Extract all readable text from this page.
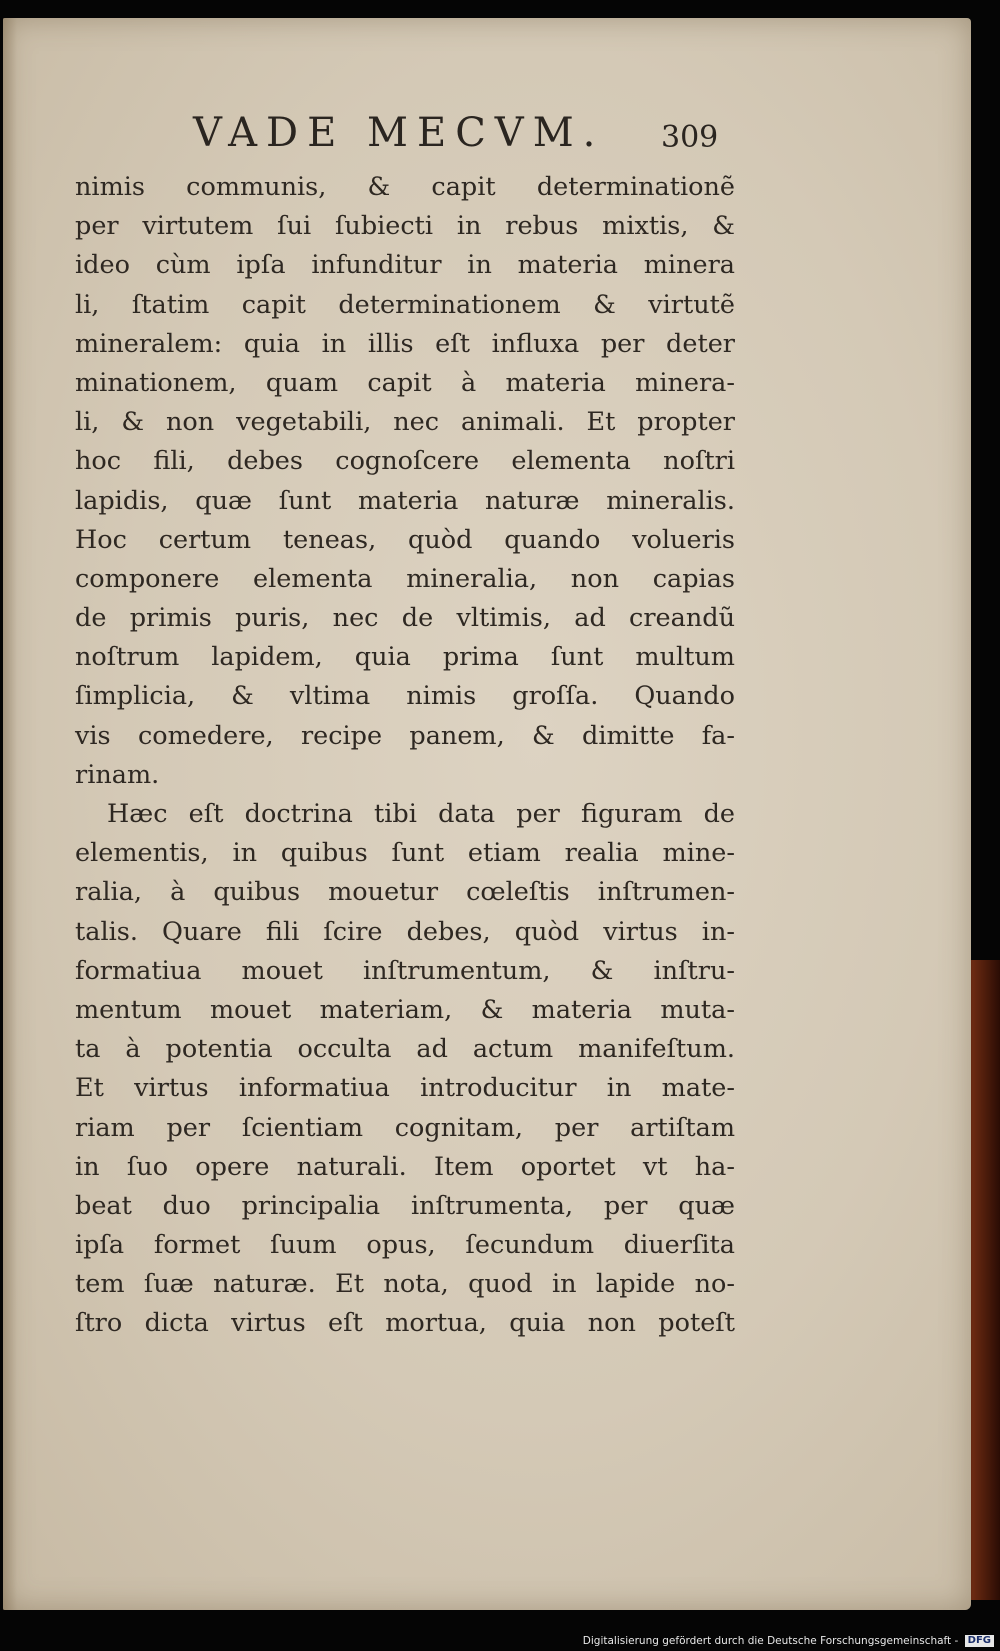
VADE MECVM. 309
nimis communis, & capit determinationẽ
per virtutem ſui ſubiecti in rebus mixtis, &
ideo cùm ipſa infunditur in materia minera
li, ſtatim capit determinationem & virtutẽ
mineralem: quia in illis eſt influxa per deter
minationem, quam capit à materia minera-
li, & non vegetabili, nec animali. Et propter
hoc fili, debes cognoſcere elementa noſtri
lapidis, quæ ſunt materia naturæ mineralis.
Hoc certum teneas, quòd quando volueris
componere elementa mineralia, non capias
de primis puris, nec de vltimis, ad creandũ
noſtrum lapidem, quia prima ſunt multum
ſimplicia, & vltima nimis groſſa. Quando
vis comedere, recipe panem, & dimitte fa-
rinam.
Hæc eſt doctrina tibi data per figuram de
elementis, in quibus ſunt etiam realia mine-
ralia, à quibus mouetur cœleſtis inſtrumen-
talis. Quare fili ſcire debes, quòd virtus in-
formatiua mouet inſtrumentum, & inſtru-
mentum mouet materiam, & materia muta-
ta à potentia occulta ad actum manifeſtum.
Et virtus informatiua introducitur in mate-
riam per ſcientiam cognitam, per artiſtam
in ſuo opere naturali. Item oportet vt ha-
beat duo principalia inſtrumenta, per quæ
ipſa formet ſuum opus, ſecundum diuerſita
tem ſuæ naturæ. Et nota, quod in lapide no-
ſtro dicta virtus eſt mortua, quia non poteſt
Digitalisierung gefördert durch die Deutsche Forschungsgemeinschaft - DFG
